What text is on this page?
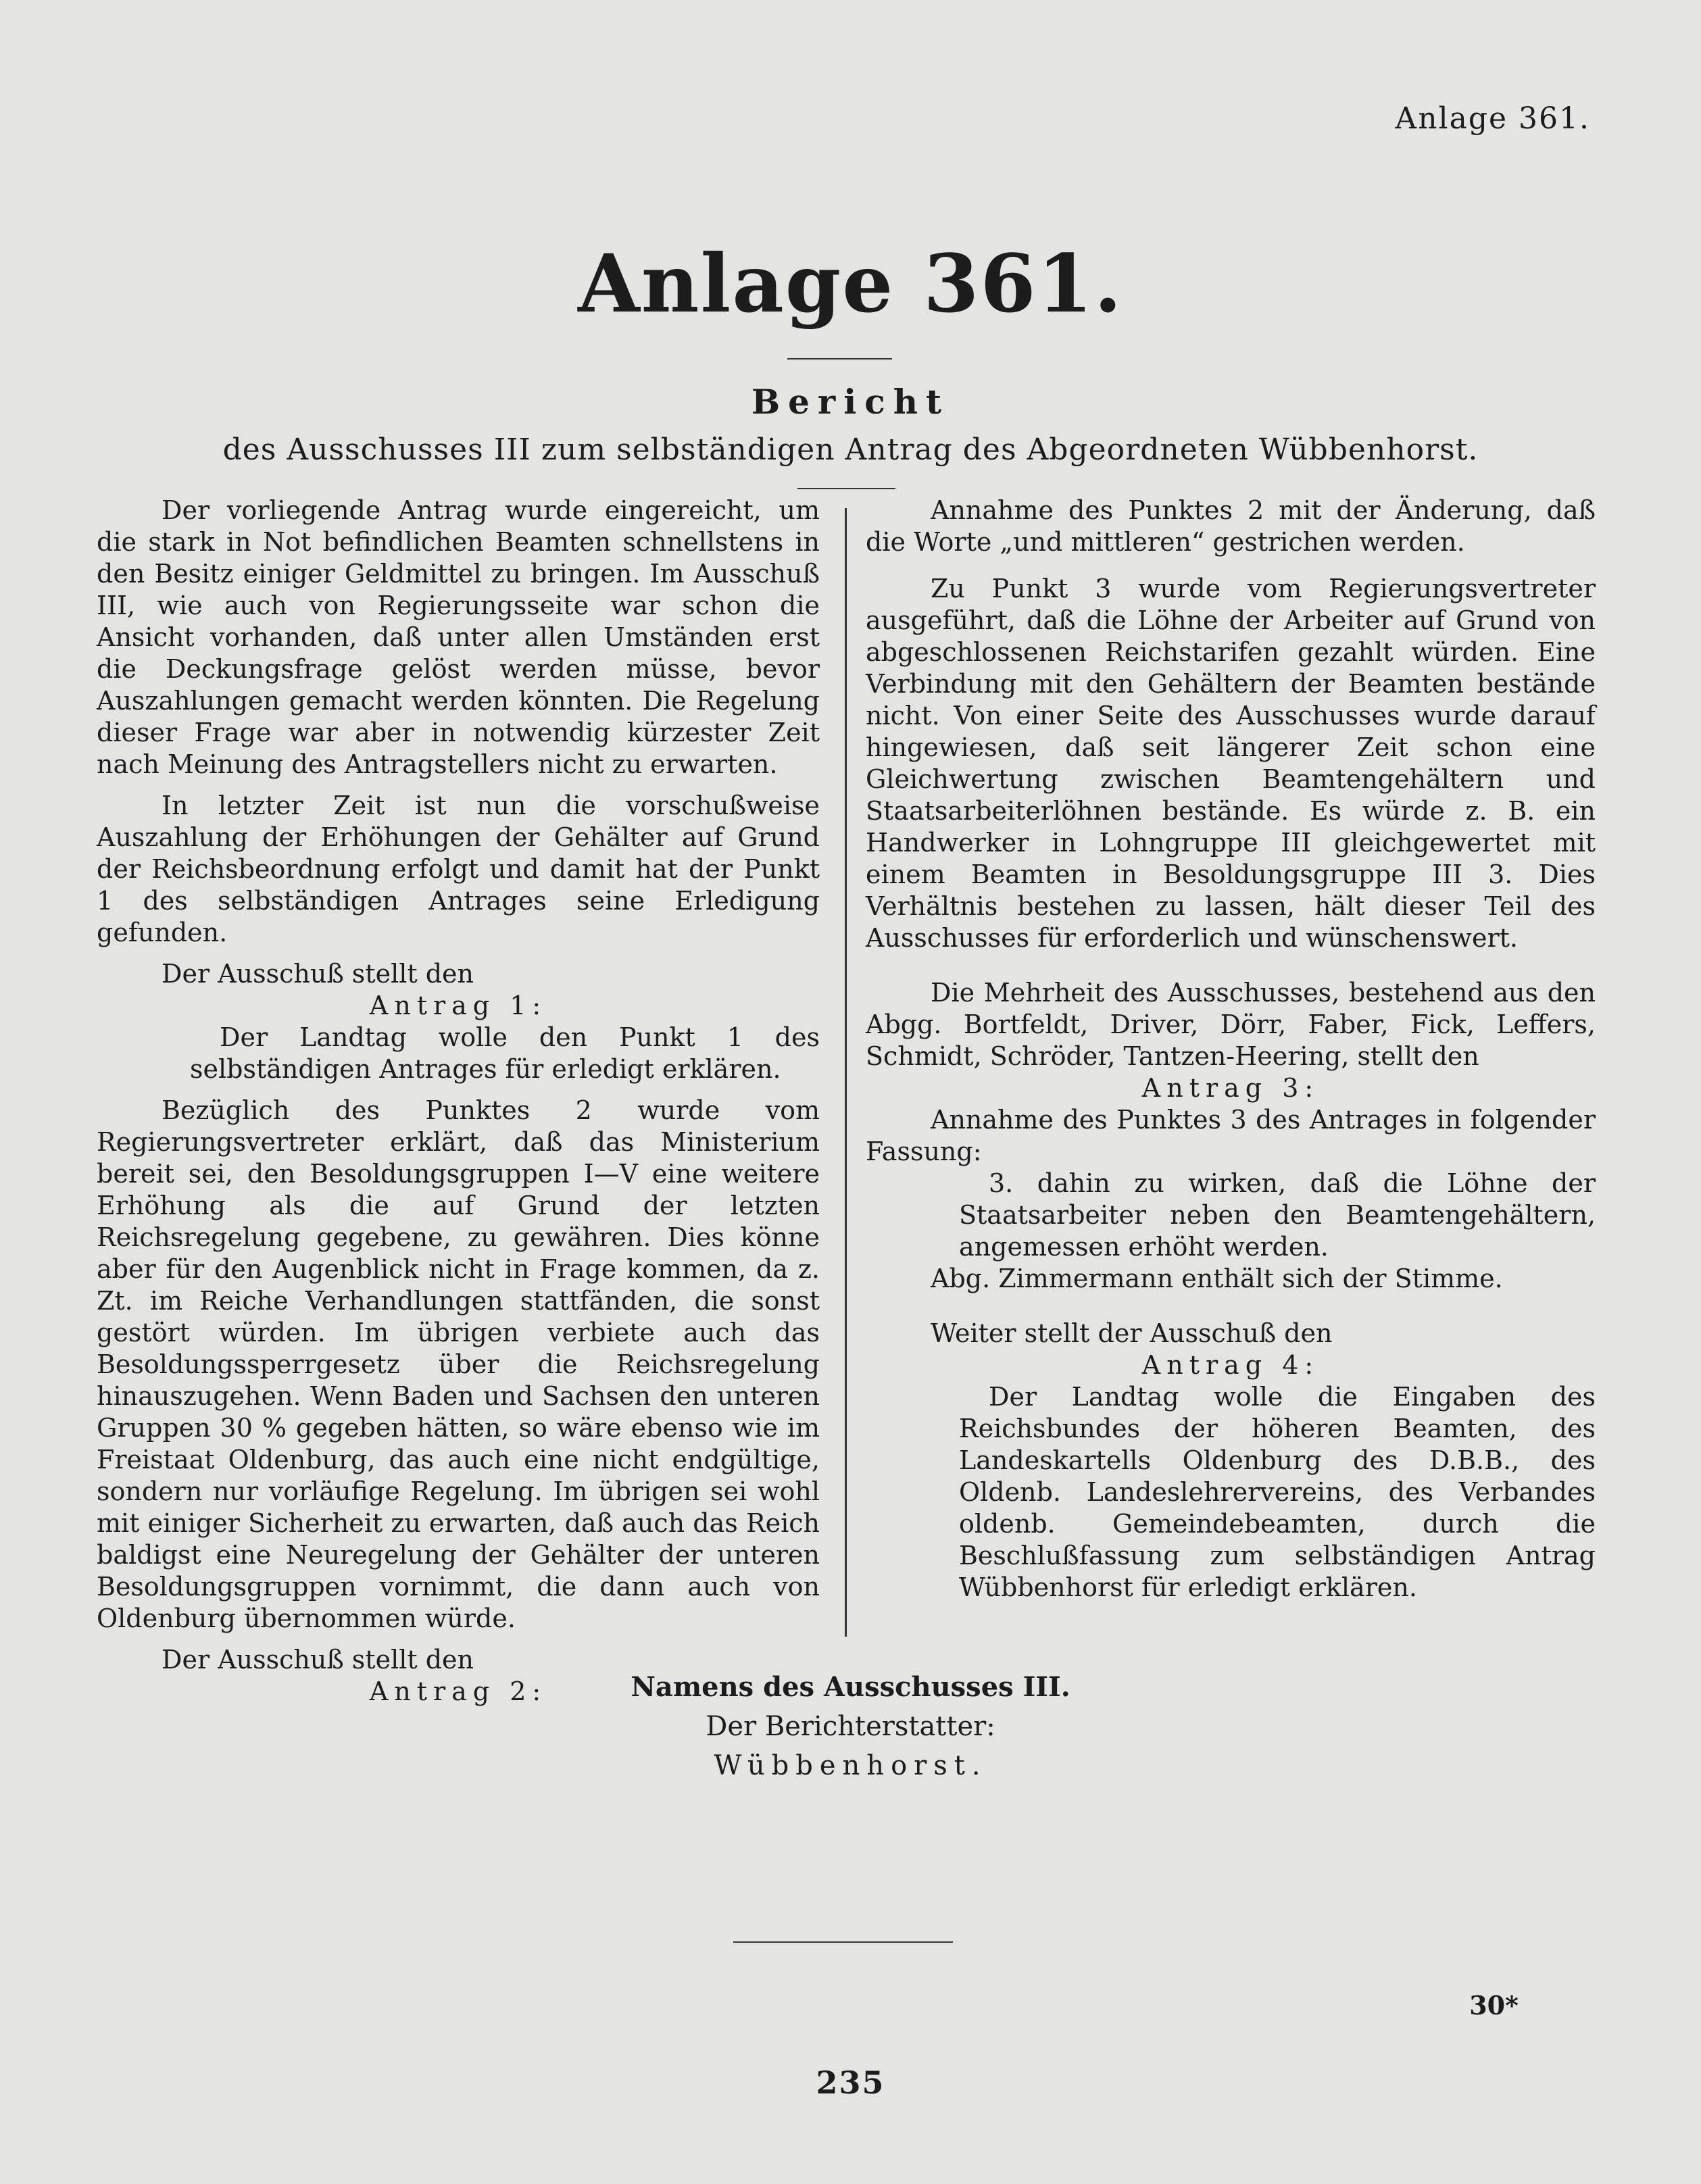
Anlage 361.
Anlage 361.
Bericht
des Ausschusses III zum selbständigen Antrag des Abgeordneten Wübbenhorst.

Der vorliegende Antrag wurde eingereicht, um die stark in Not befindlichen Beamten schnellstens in den Besitz einiger Geldmittel zu bringen. Im Ausschuß III, wie auch von Regierungsseite war schon die Ansicht vorhanden, daß unter allen Umständen erst die Deckungsfrage gelöst werden müsse, bevor Auszahlungen gemacht werden könnten. Die Regelung dieser Frage war aber in notwendig kürzester Zeit nach Meinung des Antragstellers nicht zu erwarten.

In letzter Zeit ist nun die vorschußweise Auszahlung der Erhöhungen der Gehälter auf Grund der Reichsbeordnung erfolgt und damit hat der Punkt 1 des selbständigen Antrages seine Erledigung gefunden.

Der Ausschuß stellt den

Antrag 1:

Der Landtag wolle den Punkt 1 des selbständigen Antrages für erledigt erklären.

Bezüglich des Punktes 2 wurde vom Regierungsvertreter erklärt, daß das Ministerium bereit sei, den Besoldungsgruppen I—V eine weitere Erhöhung als die auf Grund der letzten Reichsregelung gegebene, zu gewähren. Dies könne aber für den Augenblick nicht in Frage kommen, da z. Zt. im Reiche Verhandlungen stattfänden, die sonst gestört würden. Im übrigen verbiete auch das Besoldungssperrgesetz über die Reichsregelung hinauszugehen. Wenn Baden und Sachsen den unteren Gruppen 30 % gegeben hätten, so wäre ebenso wie im Freistaat Oldenburg, das auch eine nicht endgültige, sondern nur vorläufige Regelung. Im übrigen sei wohl mit einiger Sicherheit zu erwarten, daß auch das Reich baldigst eine Neuregelung der Gehälter der unteren Besoldungsgruppen vornimmt, die dann auch von Oldenburg übernommen würde.

Der Ausschuß stellt den

Antrag 2:

Annahme des Punktes 2 mit der Änderung, daß die Worte „und mittleren“ gestrichen werden.

Zu Punkt 3 wurde vom Regierungsvertreter ausgeführt, daß die Löhne der Arbeiter auf Grund von abgeschlossenen Reichstarifen gezahlt würden. Eine Verbindung mit den Gehältern der Beamten bestände nicht. Von einer Seite des Ausschusses wurde darauf hingewiesen, daß seit längerer Zeit schon eine Gleichwertung zwischen Beamtengehältern und Staatsarbeiterlöhnen bestände. Es würde z. B. ein Handwerker in Lohngruppe III gleichgewertet mit einem Beamten in Besoldungsgruppe III 3. Dies Verhältnis bestehen zu lassen, hält dieser Teil des Ausschusses für erforderlich und wünschenswert.

Die Mehrheit des Ausschusses, bestehend aus den Abgg. Bortfeldt, Driver, Dörr, Faber, Fick, Leffers, Schmidt, Schröder, Tantzen-Heering, stellt den

Antrag 3:

Annahme des Punktes 3 des Antrages in folgender Fassung:

3. dahin zu wirken, daß die Löhne der Staatsarbeiter neben den Beamtengehältern, angemessen erhöht werden.

Abg. Zimmermann enthält sich der Stimme.

Weiter stellt der Ausschuß den

Antrag 4:

Der Landtag wolle die Eingaben des Reichsbundes der höheren Beamten, des Landeskartells Oldenburg des D.B.B., des Oldenb. Landeslehrervereins, des Verbandes oldenb. Gemeindebeamten, durch die Beschlußfassung zum selbständigen Antrag Wübbenhorst für erledigt erklären.

Namens des Ausschusses III.
Der Berichterstatter:
Wübbenhorst.
30*
235
